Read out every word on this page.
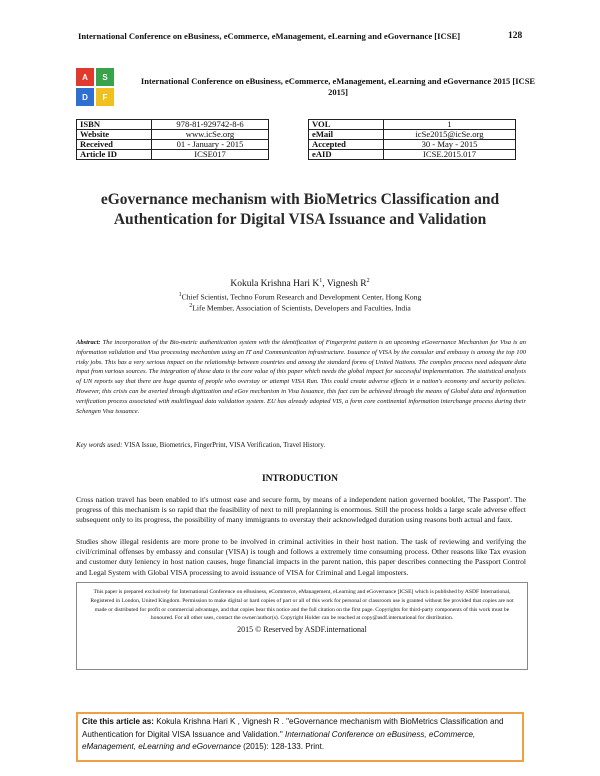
International Conference on eBusiness, eCommerce, eManagement, eLearning and eGovernance [ICSE]	128
A	S
D	F
International Conference on eBusiness, eCommerce, eManagement, eLearning and eGovernance 2015 [ICSE 2015]
ISBN	978-81-929742-8-6
Website	www.icSe.org
Received	01 - January - 2015
Article ID	ICSE017
VOL	1
eMail	icSe2015@icSe.org
Accepted	30 - May - 2015
eAID	ICSE.2015.017
eGovernance mechanism with BioMetrics Classification and Authentication for Digital VISA Issuance and Validation
Kokula Krishna Hari $K^1$, Vignesh $R^2$
$^1$Chief Scientist, Techno Forum Research and Development Center, Hong Kong
$^2$Life Member, Association of Scientists, Developers and Faculties, India
Abstract: The incorporation of the Bio-metric authentication system with the identification of Fingerprint pattern is an upcoming eGovernance Mechanism for Visa is an information validation and Visa processing mechanism using an IT and Communication infrastructure. Issuance of VISA by the consular and embassy is among the top 100 risky jobs. This has a very serious impact on the relationship between countries and among the standard forms of United Nations. The complex process need adequate data input from various sources. The integration of these data is the core value of this paper which needs the global impact for successful implementation. The statistical analysis of UN reports say that there are huge quanta of people who overstay or attempt VISA Run. This could create adverse effects in a nation's economy and security policies. However, this crisis can be averted through digitization and eGov mechanism in Visa Issuance, this fact can be achieved through the means of Global data and information verification process associated with multilingual data validation system. EU has already adopted VIS, a form core continental information interchange process during their Schengen Visa issuance.
Key words used: VISA Issue, Biometrics, FingerPrint, VISA Verification, Travel History.
INTRODUCTION
Cross nation travel has been enabled to it's utmost ease and secure form, by means of a independent nation governed booklet, 'The Passport'. The progress of this mechanism is so rapid that the feasibility of next to nill preplanning is enormous. Still the process holds a large scale adverse effect subsequent only to its progress, the possibility of many immigrants to overstay their acknowledged duration using reasons both actual and faux.
Studies show illegal residents are more prone to be involved in criminal activities in their host nation. The task of reviewing and verifying the civil/criminal offenses by embassy and consular (VISA) is tough and follows a extremely time consuming process. Other reasons like Tax evasion and customer duty leniency in host nation causes, huge financial impacts in the parent nation, this paper describes connecting the Passport Control and Legal System with Global VISA processing to avoid issuance of VISA for Criminal and Legal imposters.
This paper is prepared exclusively for International Conference on eBusiness, eCommerce, eManagement, eLearning and eGovernance [ICSE] which is published by ASDF International, Registered in London, United Kingdom. Permission to make digital or hard copies of part or all of this work for personal or classroom use is granted without fee provided that copies are not made or distributed for profit or commercial advantage, and that copies bear this notice and the full citation on the first page. Copyrights for third-party components of this work must be honoured. For all other uses, contact the owner/author(s). Copyright Holder can be reached at copy@asdf.international for distribution.
2015 © Reserved by ASDF.international
Cite this article as: Kokula Krishna Hari K , Vignesh R . "eGovernance mechanism with BioMetrics Classification and Authentication for Digital VISA Issuance and Validation." International Conference on eBusiness, eCommerce, eManagement, eLearning and eGovernance (2015): 128-133. Print.
